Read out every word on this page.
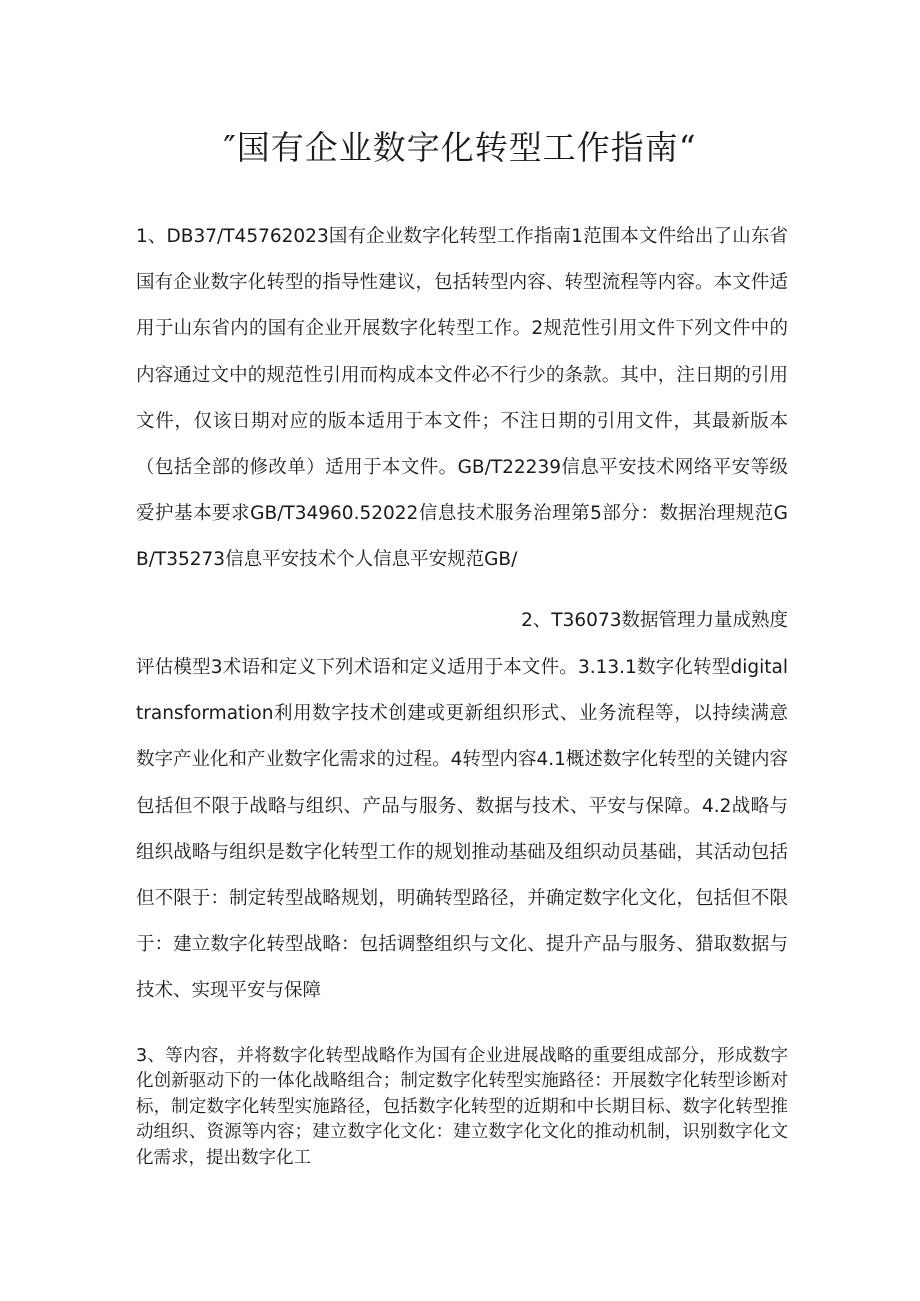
″国有企业数字化转型工作指南“
1、DB37/T45762023国有企业数字化转型工作指南1范围本文件给出了山东省国有企业数字化转型的指导性建议，包括转型内容、转型流程等内容。本文件适用于山东省内的国有企业开展数字化转型工作。2规范性引用文件下列文件中的内容通过文中的规范性引用而构成本文件必不行少的条款。其中，注日期的引用文件，仅该日期对应的版本适用于本文件；不注日期的引用文件，其最新版本（包括全部的修改单）适用于本文件。GB/T22239信息平安技术网络平安等级爱护基本要求GB/T34960.52022信息技术服务治理第5部分：数据治理规范GB/T35273信息平安技术个人信息平安规范GB/
2、T36073数据管理力量成熟度
评估模型3术语和定义下列术语和定义适用于本文件。3.13.1数字化转型digitaltransformation利用数字技术创建或更新组织形式、业务流程等，以持续满意数字产业化和产业数字化需求的过程。4转型内容4.1概述数字化转型的关键内容包括但不限于战略与组织、产品与服务、数据与技术、平安与保障。4.2战略与组织战略与组织是数字化转型工作的规划推动基础及组织动员基础，其活动包括但不限于：制定转型战略规划，明确转型路径，并确定数字化文化，包括但不限于：建立数字化转型战略：包括调整组织与文化、提升产品与服务、猎取数据与技术、实现平安与保障
3、等内容，并将数字化转型战略作为国有企业进展战略的重要组成部分，形成数字化创新驱动下的一体化战略组合；制定数字化转型实施路径：开展数字化转型诊断对标，制定数字化转型实施路径，包括数字化转型的近期和中长期目标、数字化转型推动组织、资源等内容；建立数字化文化：建立数字化文化的推动机制，识别数字化文化需求，提出数字化工
